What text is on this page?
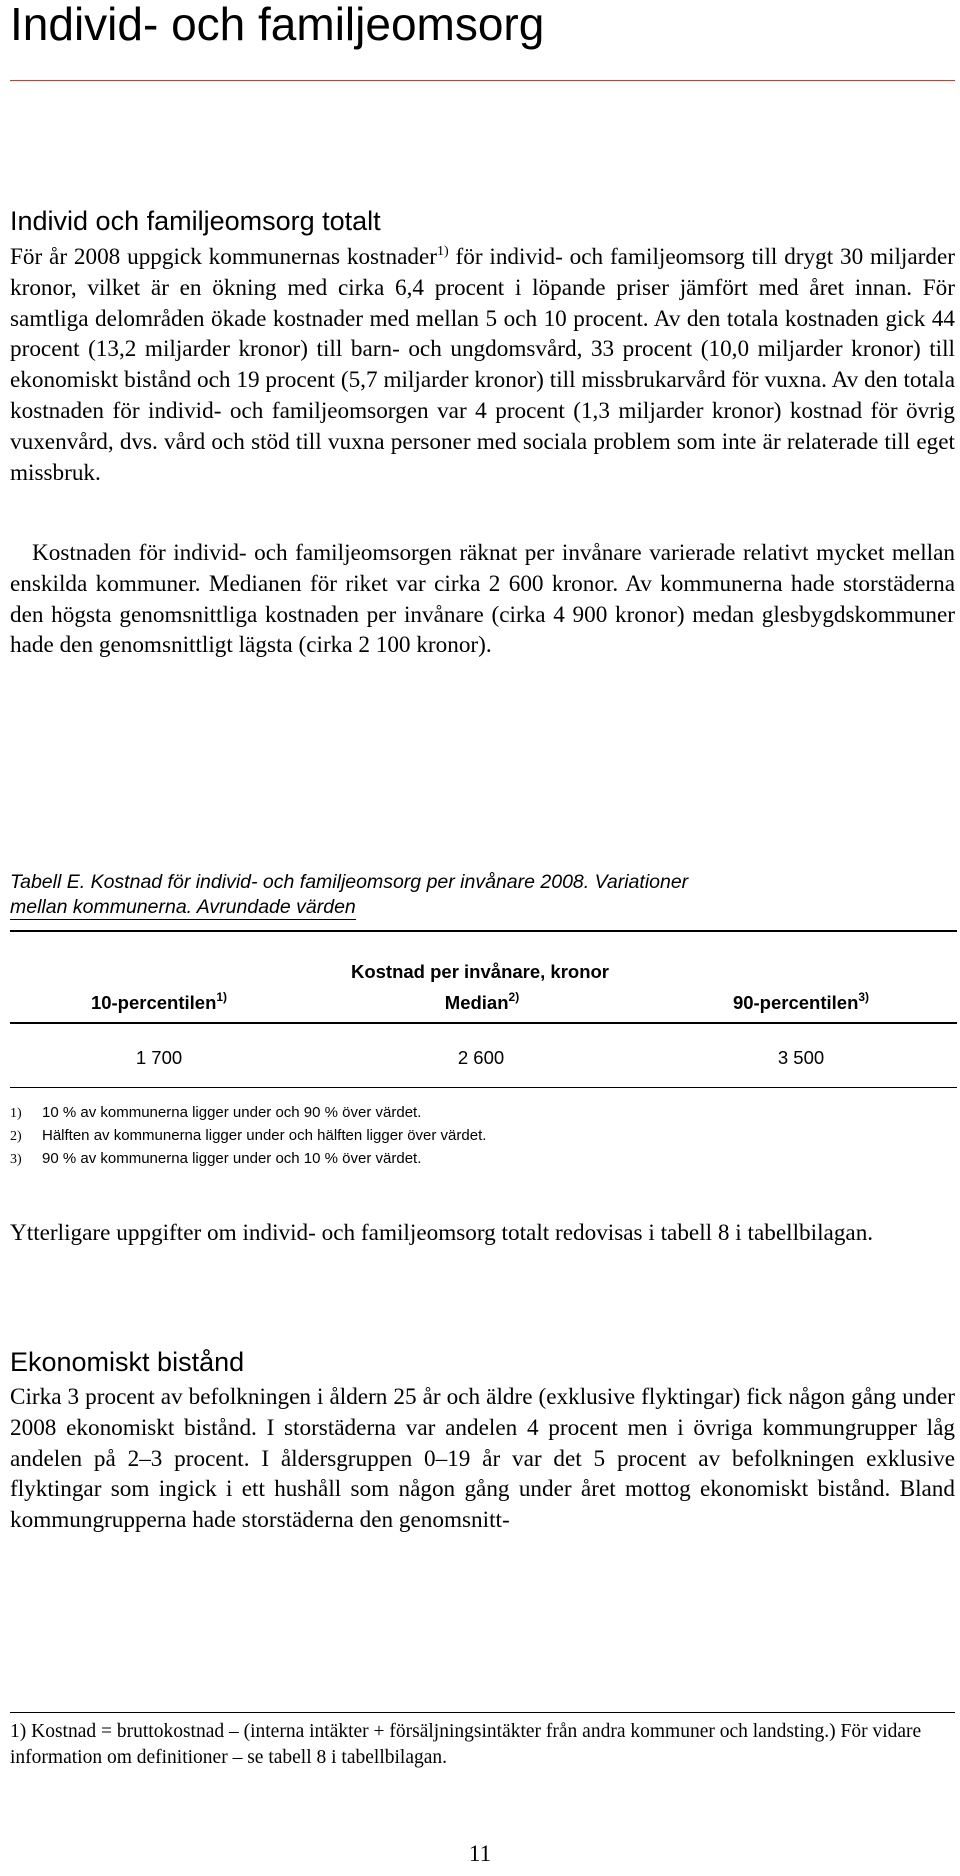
Individ- och familjeomsorg
Individ och familjeomsorg totalt

För år 2008 uppgick kommunernas kostnader$^{1)}$ för individ- och familjeomsorg till drygt 30 miljarder kronor, vilket är en ökning med cirka 6,4 procent i löpande priser jämfört med året innan. För samtliga delområden ökade kostnader med mellan 5 och 10 procent. Av den totala kostnaden gick 44 procent (13,2 miljarder kronor) till barn- och ungdomsvård, 33 procent (10,0 miljarder kronor) till ekonomiskt bistånd och 19 procent (5,7 miljarder kronor) till missbrukarvård för vuxna. Av den totala kostnaden för individ- och familjeomsorgen var 4 procent (1,3 miljarder kronor) kostnad för övrig vuxenvård, dvs. vård och stöd till vuxna personer med sociala problem som inte är relaterade till eget missbruk.

Kostnaden för individ- och familjeomsorgen räknat per invånare varierade relativt mycket mellan enskilda kommuner. Medianen för riket var cirka 2 600 kronor. Av kommunerna hade storstäderna den högsta genomsnittliga kostnaden per invånare (cirka 4 900 kronor) medan glesbygdskommuner hade den genomsnittligt lägsta (cirka 2 100 kronor).

Tabell E. Kostnad för individ- och familjeomsorg per invånare 2008. Variationer
mellan kommunerna. Avrundade värden
Kostnad per invånare, kronor
10-percentilen$^{1)}$	Median$^{2)}$	90-percentilen$^{3)}$
1 700	2 600	3 500
1) 10 % av kommunerna ligger under och 90 % över värdet.
2) Hälften av kommunerna ligger under och hälften ligger över värdet.
3) 90 % av kommunerna ligger under och 10 % över värdet.

Ytterligare uppgifter om individ- och familjeomsorg totalt redovisas i tabell 8 i tabellbilagan.

Ekonomiskt bistånd

Cirka 3 procent av befolkningen i åldern 25 år och äldre (exklusive flyktingar) fick någon gång under 2008 ekonomiskt bistånd. I storstäderna var andelen 4 procent men i övriga kommungrupper låg andelen på 2–3 procent. I åldersgruppen 0–19 år var det 5 procent av befolkningen exklusive flyktingar som ingick i ett hushåll som någon gång under året mottog ekonomiskt bistånd. Bland kommungrupperna hade storstäderna den genomsnitt-

1) Kostnad = bruttokostnad – (interna intäkter + försäljningsintäkter från andra kommuner och landsting.) För vidare information om definitioner – se tabell 8 i tabellbilagan.

11
